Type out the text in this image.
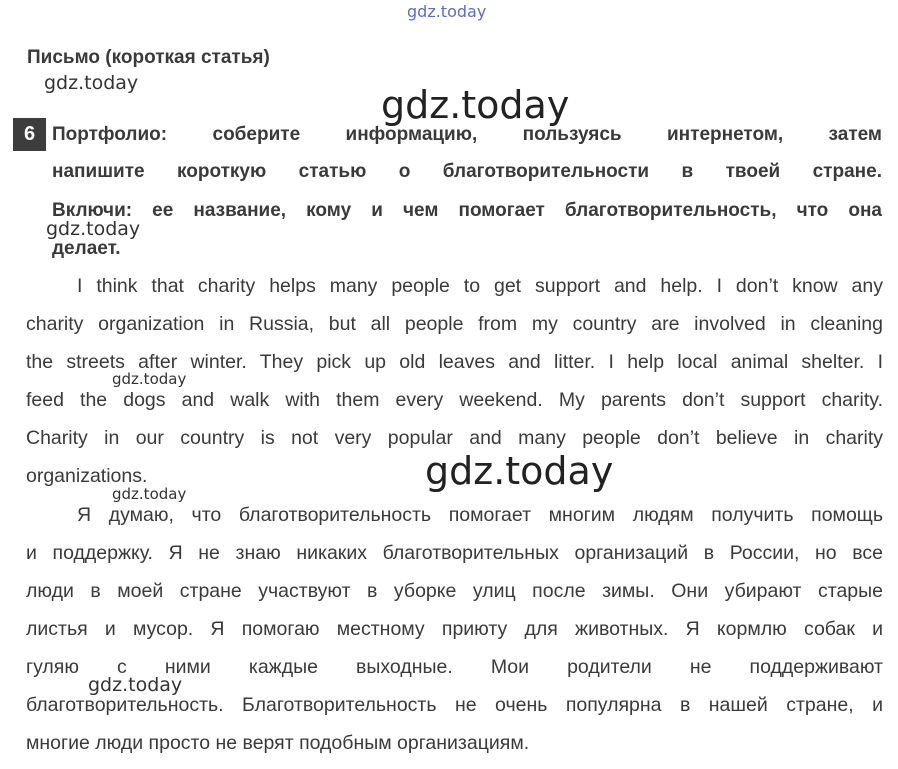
Письмо (короткая статья)
6 Портфолио: соберите информацию, пользуясь интернетом, затем
напишите короткую статью о благотворительности в твоей стране.
Включи: ее название, кому и чем помогает благотворительность, что она
делает.
I think that charity helps many people to get support and help. I don’t know any
charity organization in Russia, but all people from my country are involved in cleaning
the streets after winter. They pick up old leaves and litter. I help local animal shelter. I
feed the dogs and walk with them every weekend. My parents don’t support charity.
Charity in our country is not very popular and many people don’t believe in charity
organizations.
Я думаю, что благотворительность помогает многим людям получить помощь
и поддержку. Я не знаю никаких благотворительных организаций в России, но все
люди в моей стране участвуют в уборке улиц после зимы. Они убирают старые
листья и мусор. Я помогаю местному приюту для животных. Я кормлю собак и
гуляю с ними каждые выходные. Мои родители не поддерживают
благотворительность. Благотворительность не очень популярна в нашей стране, и
многие люди просто не верят подобным организациям.
gdz.today
gdz.today	gdz.today
gdz.today
gdz.today
gdz.today
gdz.today
gdz.today
